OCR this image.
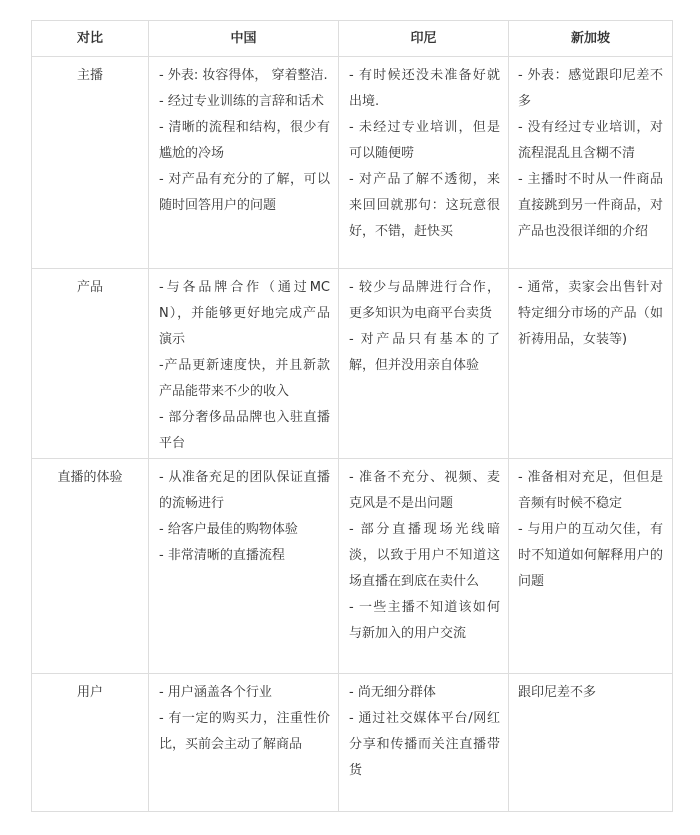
对比	中国	印尼	新加坡
主播	- 外表: 妆容得体， 穿着整洁.
- 经过专业训练的言辞和话术
- 清晰的流程和结构，很少有尴尬的冷场
- 对产品有充分的了解，可以随时回答用户的问题	- 有时候还没未准备好就出境.
- 未经过专业培训，但是可以随便唠
- 对产品了解不透彻，来来回回就那句：这玩意很好，不错，赶快买	- 外表：感觉跟印尼差不多
- 没有经过专业培训，对流程混乱且含糊不清
- 主播时不时从一件商品直接跳到另一件商品，对产品也没很详细的介绍

产品	-与各品牌合作（通过MCN），并能够更好地完成产品演示
-产品更新速度快，并且新款产品能带来不少的收入
- 部分奢侈品品牌也入驻直播平台	- 较少与品牌进行合作，更多知识为电商平台卖货
- 对产品只有基本的了解，但并没用亲自体验	- 通常，卖家会出售针对特定细分市场的产品（如祈祷用品，女装等)

直播的体验	- 从准备充足的团队保证直播的流畅进行
- 给客户最佳的购物体验
- 非常清晰的直播流程	- 准备不充分、视频、麦克风是不是出问题
- 部分直播现场光线暗淡，以致于用户不知道这场直播在到底在卖什么
- 一些主播不知道该如何与新加入的用户交流	- 准备相对充足，但但是音频有时候不稳定
- 与用户的互动欠佳，有时不知道如何解释用户的问题

用户	- 用户涵盖各个行业
- 有一定的购买力，注重性价比，买前会主动了解商品	- 尚无细分群体
- 通过社交媒体平台/网红分享和传播而关注直播带货	跟印尼差不多
